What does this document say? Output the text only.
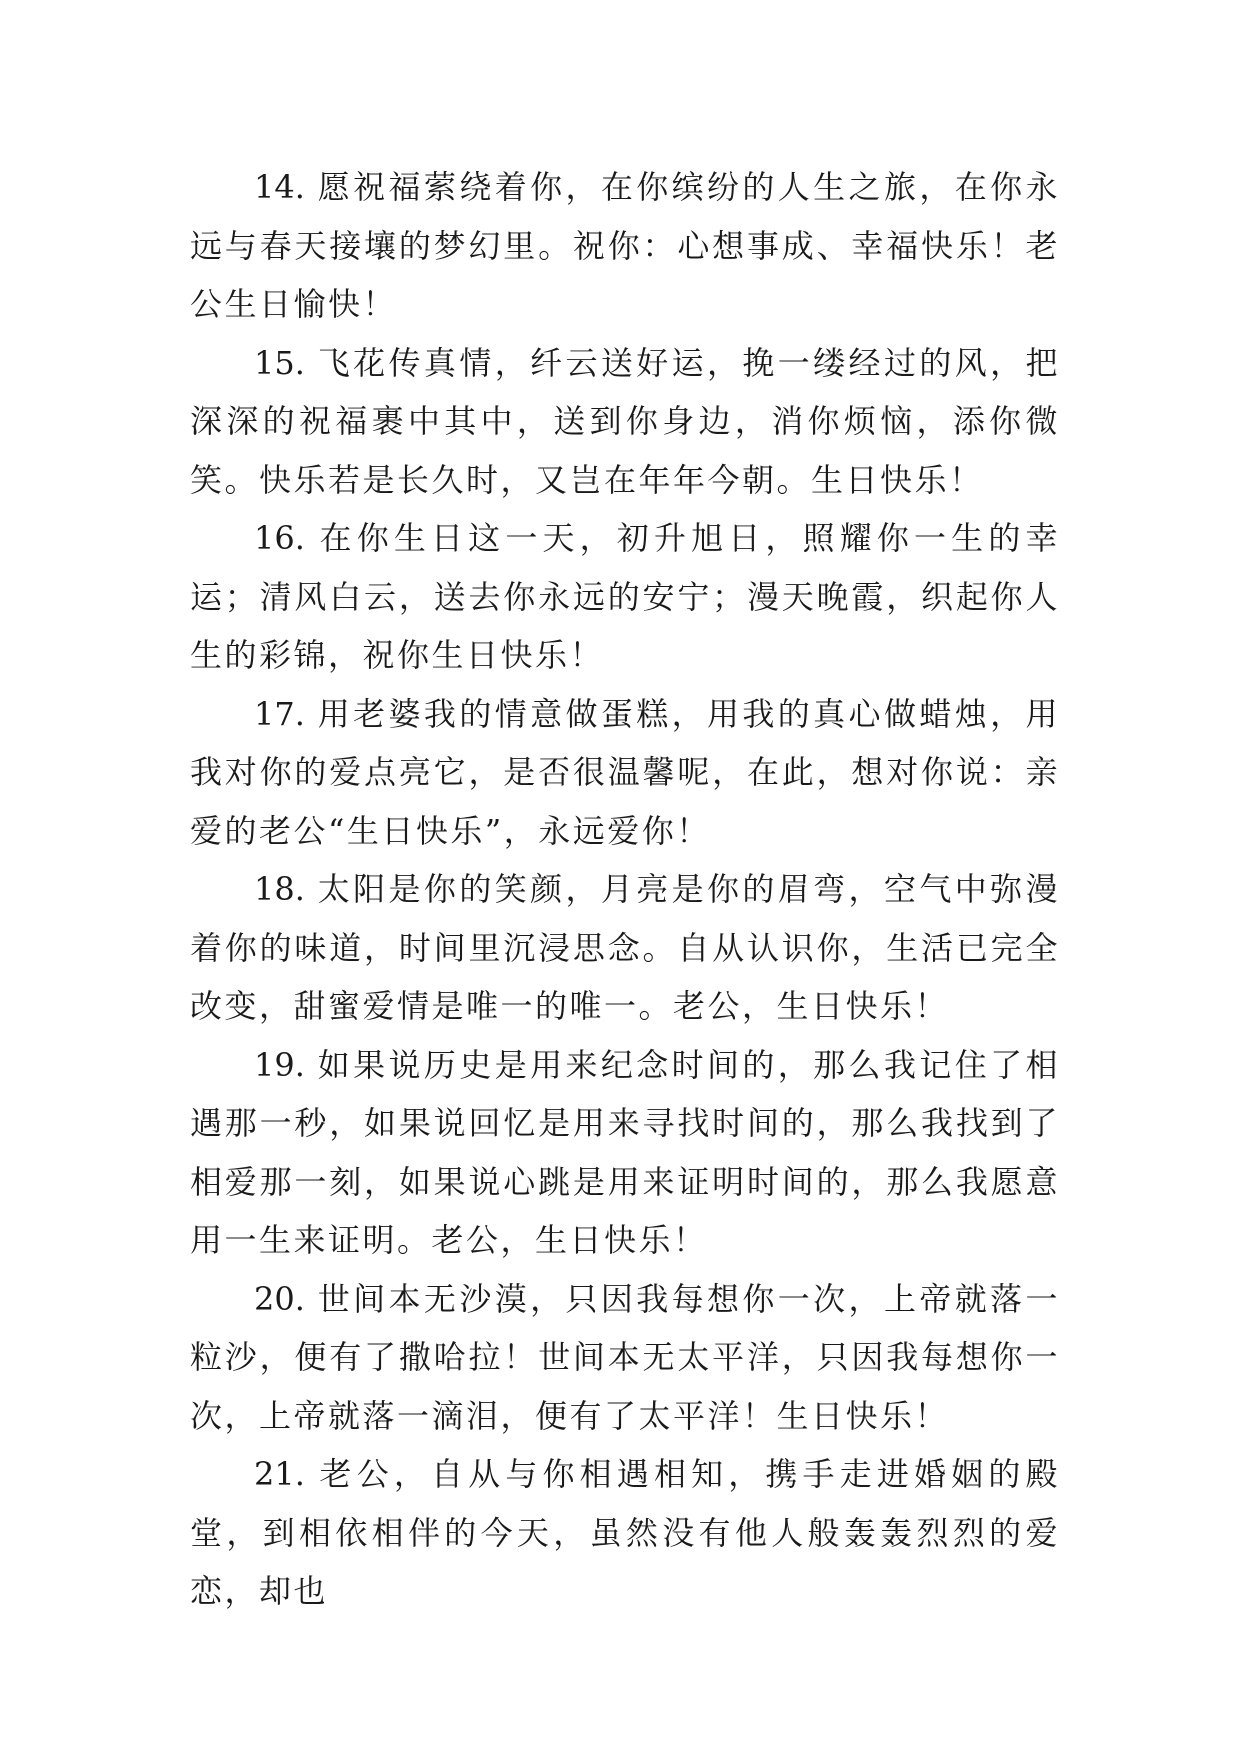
14. 愿祝福萦绕着你，在你缤纷的人生之旅，在你永远与春天接壤的梦幻里。祝你：心想事成、幸福快乐！老公生日愉快！

15. 飞花传真情，纤云送好运，挽一缕经过的风，把深深的祝福裹中其中，送到你身边，消你烦恼，添你微笑。快乐若是长久时，又岂在年年今朝。生日快乐！

16. 在你生日这一天，初升旭日，照耀你一生的幸运；清风白云，送去你永远的安宁；漫天晚霞，织起你人生的彩锦，祝你生日快乐！

17. 用老婆我的情意做蛋糕，用我的真心做蜡烛，用我对你的爱点亮它，是否很温馨呢，在此，想对你说：亲爱的老公“生日快乐”，永远爱你！

18. 太阳是你的笑颜，月亮是你的眉弯，空气中弥漫着你的味道，时间里沉浸思念。自从认识你，生活已完全改变，甜蜜爱情是唯一的唯一。老公，生日快乐！

19. 如果说历史是用来纪念时间的，那么我记住了相遇那一秒，如果说回忆是用来寻找时间的，那么我找到了相爱那一刻，如果说心跳是用来证明时间的，那么我愿意用一生来证明。老公，生日快乐！

20. 世间本无沙漠，只因我每想你一次，上帝就落一粒沙，便有了撒哈拉！世间本无太平洋，只因我每想你一次，上帝就落一滴泪，便有了太平洋！生日快乐！

21. 老公，自从与你相遇相知，携手走进婚姻的殿堂，到相依相伴的今天，虽然没有他人般轰轰烈烈的爱恋，却也
